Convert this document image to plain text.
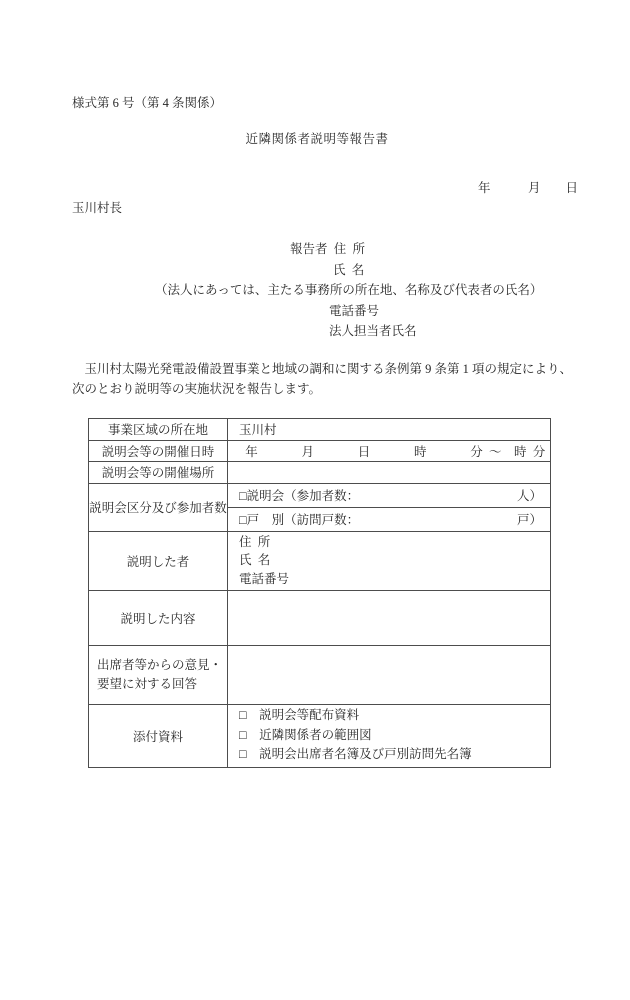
様式第 6 号（第 4 条関係）
近隣関係者説明等報告書
年　　　月　　日
玉川村長
報告者  住 所
氏 名
（法人にあっては、主たる事務所の所在地、名称及び代表者の氏名）
電話番号
法人担当者氏名
　玉川村太陽光発電設備設置事業と地域の調和に関する条例第 9 条第 1 項の規定により、
次のとおり説明等の実施状況を報告します。
事業区域の所在地	玉川村
説明会等の開催日時	 年　　　 月　　　 日　　　 時　　　 分 ～　時 分
説明会等の開催場所	
説明会区分及び参加者数	□説明会（参加者数： 人）

	□戸　別（訪問戸数： 戸）

説明した者	住 所
氏 名
電話番号

説明した内容	

出席者等からの意見・
要望に対する回答	

添付資料	□　 説明会等配布資料
□　 近隣関係者の範囲図
□　 説明会出席者名簿及び戸別訪問先名簿
